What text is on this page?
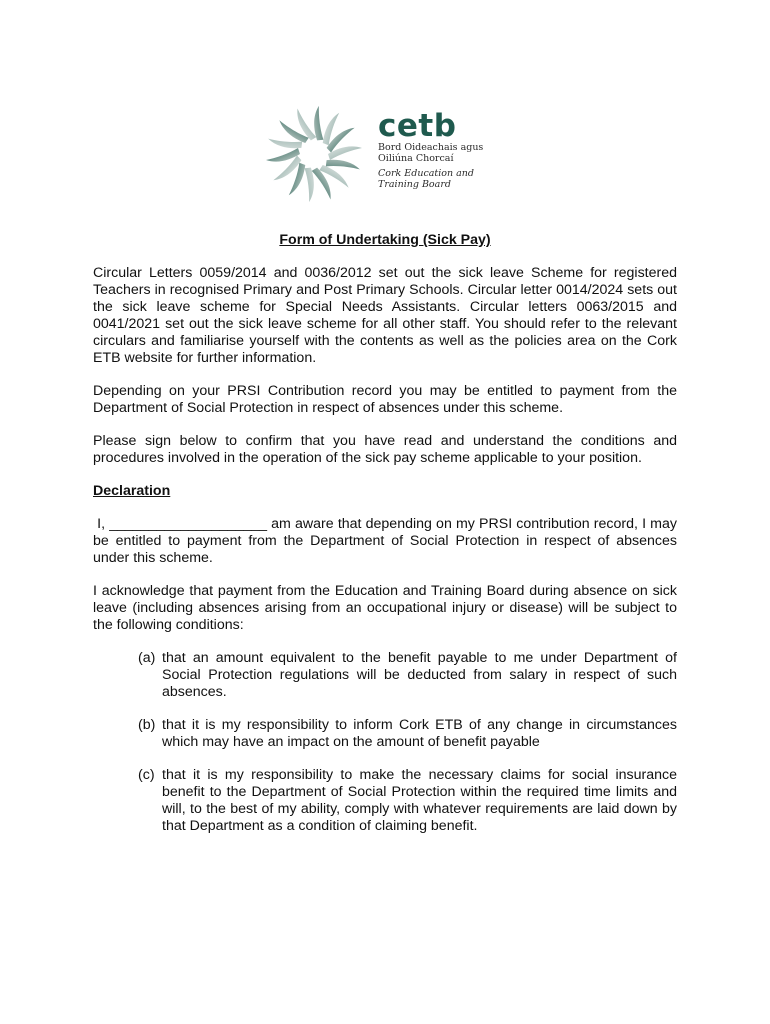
cetb
Bord Oideachais agus
Oiliúna Chorcaí
Cork Education and
Training Board
Form of Undertaking (Sick Pay)

Circular Letters 0059/2014 and 0036/2012 set out the sick leave Scheme for registered Teachers in recognised Primary and Post Primary Schools. Circular letter 0014/2024 sets out the sick leave scheme for Special Needs Assistants. Circular letters 0063/2015 and 0041/2021 set out the sick leave scheme for all other staff. You should refer to the relevant circulars and familiarise yourself with the contents as well as the policies area on the Cork ETB website for further information.

Depending on your PRSI Contribution record you may be entitled to payment from the Department of Social Protection in respect of absences under this scheme.

Please sign below to confirm that you have read and understand the conditions and procedures involved in the operation of the sick pay scheme applicable to your position.

Declaration

I, ____________________ am aware that depending on my PRSI contribution record, I may be entitled to payment from the Department of Social Protection in respect of absences under this scheme.

I acknowledge that payment from the Education and Training Board during absence on sick leave (including absences arising from an occupational injury or disease) will be subject to the following conditions:

(a) that an amount equivalent to the benefit payable to me under Department of Social Protection regulations will be deducted from salary in respect of such absences.
(b) that it is my responsibility to inform Cork ETB of any change in circumstances which may have an impact on the amount of benefit payable
(c) that it is my responsibility to make the necessary claims for social insurance benefit to the Department of Social Protection within the required time limits and will, to the best of my ability, comply with whatever requirements are laid down by that Department as a condition of claiming benefit.
